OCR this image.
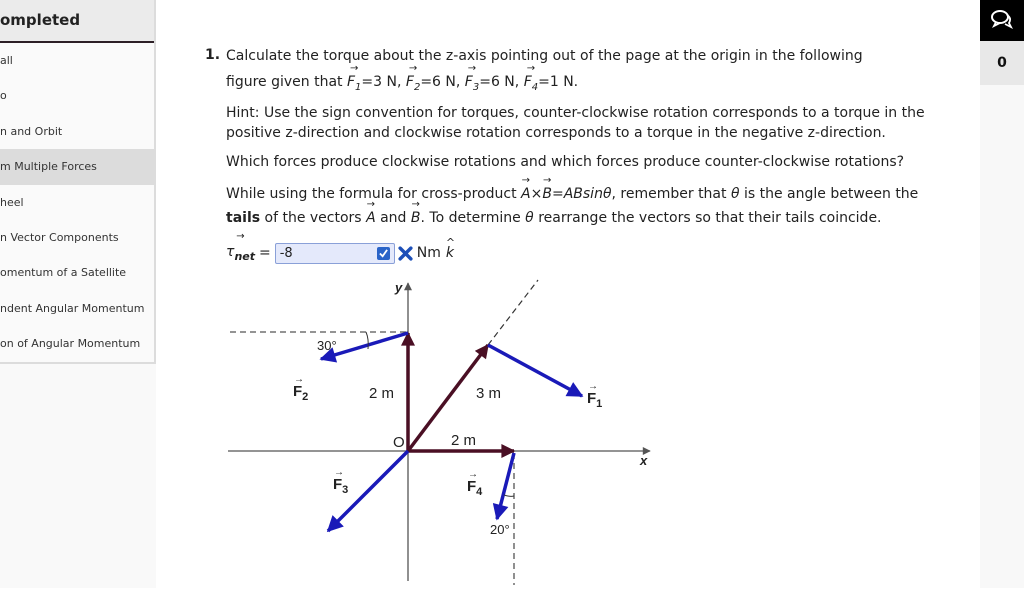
ompleted
all
o
n and Orbit
m Multiple Forces
heel
n Vector Components
omentum of a Satellite
ndent Angular Momentum
on of Angular Momentum
1. Calculate the torque about the z-axis pointing out of the page at the origin in the following
figure given that → $F_1=3$ N, → $F_2=6$ N, → $F_3=6$ N, → $F_4=1$ N.
Hint: Use the sign convention for torques, counter-clockwise rotation corresponds to a torque in the
positive z-direction and clockwise rotation corresponds to a torque in the negative z-direction.
Which forces produce clockwise rotations and which forces produce counter-clockwise rotations?
While using the formula for cross-product → A×→ B=ABsinθ, remember that θ is the angle between the
tails of the vectors → A and → B. To determine θ rearrange the vectors so that their tails coincide.
→ $\tau_{net} = -8$	Nm ^ k
y
x
O
30°
20°
2 m	3 m
2 m
$F_2$	$F_1$
$F_3$	$F_4$
→
→
→	→
0
